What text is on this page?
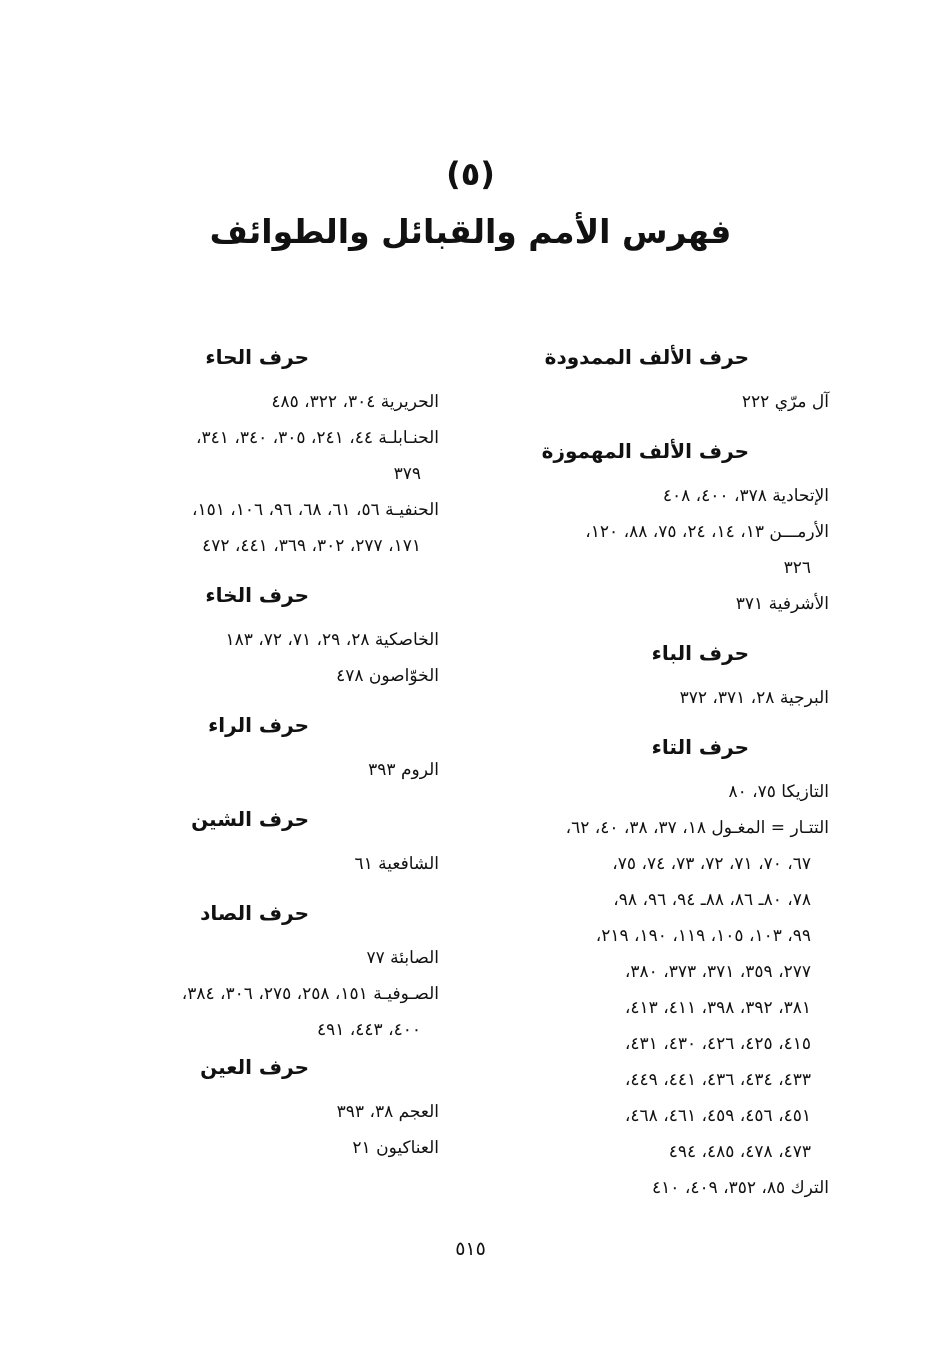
(٥)
فهرس الأمم والقبائل والطوائف
حرف الألف الممدودة
آل مرّي ٢٢٢
حرف الألف المهموزة
الإتحادية ٣٧٨، ٤٠٠، ٤٠٨
الأرمـــن ١٣، ١٤، ٢٤، ٧٥، ٨٨، ١٢٠،
٣٢٦
الأشرفية ٣٧١
حرف الباء
البرجية ٢٨، ٣٧١، ٣٧٢
حرف التاء
التازيكا ٧٥، ٨٠
التتـار = المغـول ١٨، ٣٧، ٣٨، ٤٠، ٦٢،
٦٧، ٧٠، ٧١، ٧٢، ٧٣، ٧٤، ٧٥،
٧٨، ٨٠ـ ٨٦، ٨٨ـ ٩٤، ٩٦، ٩٨،
٩٩، ١٠٣، ١٠٥، ١١٩، ١٩٠، ٢١٩،
٢٧٧، ٣٥٩، ٣٧١، ٣٧٣، ٣٨٠،
٣٨١، ٣٩٢، ٣٩٨، ٤١١، ٤١٣،
٤١٥، ٤٢٥، ٤٢٦، ٤٣٠، ٤٣١،
٤٣٣، ٤٣٤، ٤٣٦، ٤٤١، ٤٤٩،
٤٥١، ٤٥٦، ٤٥٩، ٤٦١، ٤٦٨،
٤٧٣، ٤٧٨، ٤٨٥، ٤٩٤
الترك ٨٥، ٣٥٢، ٤٠٩، ٤١٠
حرف الحاء
الحريرية ٣٠٤، ٣٢٢، ٤٨٥
الحنـابلـة ٤٤، ٢٤١، ٣٠٥، ٣٤٠، ٣٤١،
٣٧٩
الحنفيـة ٥٦، ٦١، ٦٨، ٩٦، ١٠٦، ١٥١،
١٧١، ٢٧٧، ٣٠٢، ٣٦٩، ٤٤١، ٤٧٢
حرف الخاء
الخاصكية ٢٨، ٢٩، ٧١، ٧٢، ١٨٣
الخوّاصون ٤٧٨
حرف الراء
الروم ٣٩٣
حرف الشين
الشافعية ٦١
حرف الصاد
الصابئة ٧٧
الصـوفيـة ١٥١، ٢٥٨، ٢٧٥، ٣٠٦، ٣٨٤،
٤٠٠، ٤٤٣، ٤٩١
حرف العين
العجم ٣٨، ٣٩٣
العناكيون ٢١
٥١٥
